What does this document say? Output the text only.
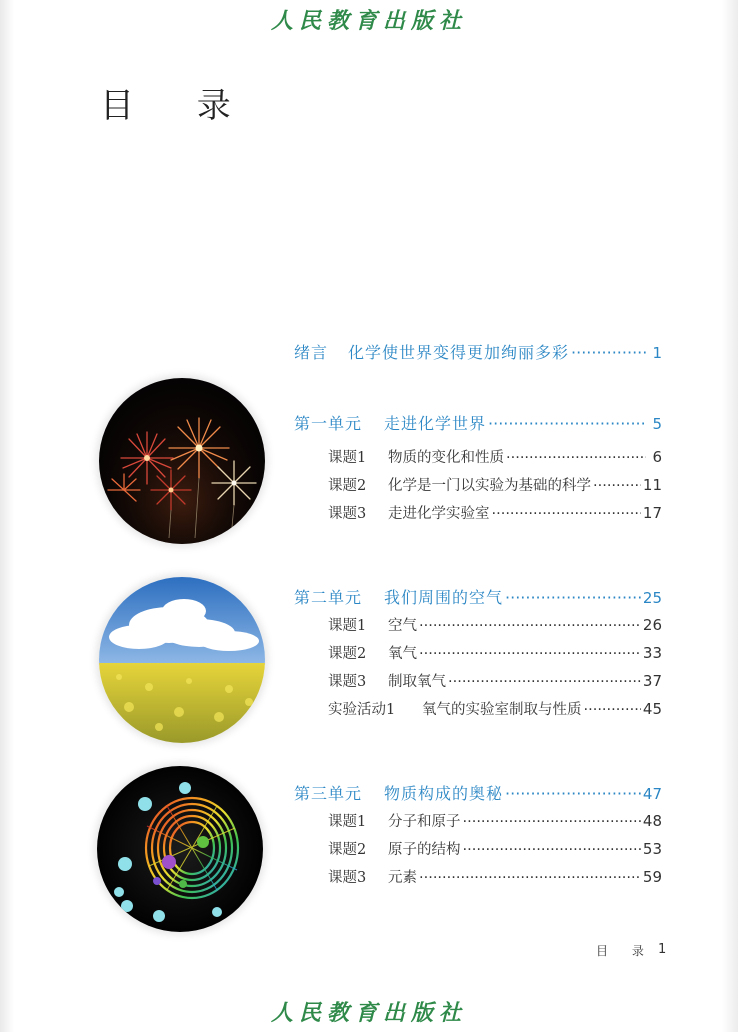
人民教育出版社
目 录
绪言 化学使世界变得更加绚丽多彩 ·····	1
第一单元 走进化学世界 ·····	5
课题1	物质的变化和性质 ·····	6
课题2	化学是一门以实验为基础的科学 ·····	11
课题3	走进化学实验室 ·····	17
第二单元 我们周围的空气 ·····	25
课题1	空气 ·····	26
课题2	氧气 ·····	33
课题3	制取氧气 ·····	37
实验活动1	氧气的实验室制取与性质 ·····	45
第三单元 物质构成的奥秘 ·····	47
课题1	分子和原子 ·····	48
课题2	原子的结构 ·····	53
课题3	元素 ·····	59
目 录 1
人民教育出版社
